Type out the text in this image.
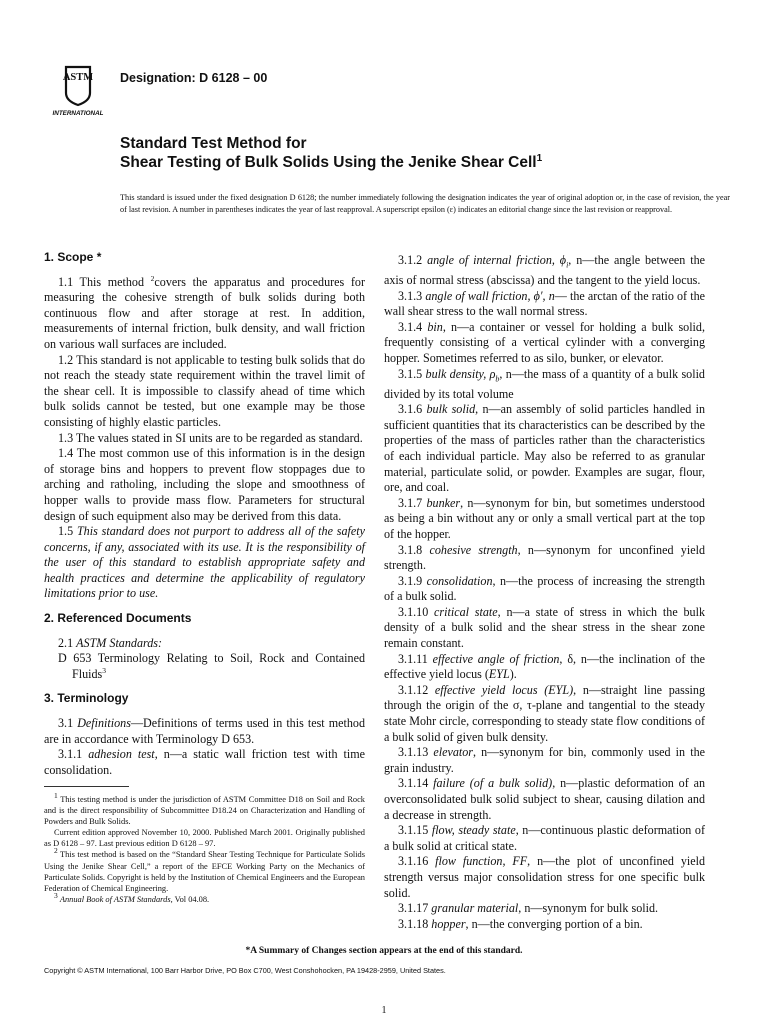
ASTM
INTERNATIONAL
Designation: D 6128 – 00
Standard Test Method for
Shear Testing of Bulk Solids Using the Jenike Shear Cell$^1$
This standard is issued under the fixed designation D 6128; the number immediately following the designation indicates the year of original adoption or, in the case of revision, the year of last revision. A number in parentheses indicates the year of last reapproval. A superscript epsilon (ε) indicates an editorial change since the last revision or reapproval.

1. Scope *

1.1 This method $^2$covers the apparatus and procedures for measuring the cohesive strength of bulk solids during both continuous flow and after storage at rest. In addition, measurements of internal friction, bulk density, and wall friction on various wall surfaces are included.

1.2 This standard is not applicable to testing bulk solids that do not reach the steady state requirement within the travel limit of the shear cell. It is impossible to classify ahead of time which bulk solids cannot be tested, but one example may be those consisting of highly elastic particles.

1.3 The values stated in SI units are to be regarded as standard.

1.4 The most common use of this information is in the design of storage bins and hoppers to prevent flow stoppages due to arching and ratholing, including the slope and smoothness of hopper walls to provide mass flow. Parameters for structural design of such equipment also may be derived from this data.

1.5 This standard does not purport to address all of the safety concerns, if any, associated with its use. It is the responsibility of the user of this standard to establish appropriate safety and health practices and determine the applicability of regulatory limitations prior to use.

2. Referenced Documents

2.1 ASTM Standards:

D 653 Terminology Relating to Soil, Rock and Contained Fluids$^3$

3. Terminology

3.1 Definitions—Definitions of terms used in this test method are in accordance with Terminology D 653.

3.1.1 adhesion test, n—a static wall friction test with time consolidation.

$^1$ This testing method is under the jurisdiction of ASTM Committee D18 on Soil and Rock and is the direct responsibility of Subcommittee D18.24 on Characterization and Handling of Powders and Bulk Solids.

Current edition approved November 10, 2000. Published March 2001. Originally published as D 6128 – 97. Last previous edition D 6128 – 97.

$^2$ This test method is based on the “Standard Shear Testing Technique for Particulate Solids Using the Jenike Shear Cell,” a report of the EFCE Working Party on the Mechanics of Particulate Solids. Copyright is held by the Institution of Chemical Engineers and the European Federation of Chemical Engineering.

$^3$ Annual Book of ASTM Standards, Vol 04.08.

3.1.2 angle of internal friction, $\phi_i$, n—the angle between the axis of normal stress (abscissa) and the tangent to the yield locus.

3.1.3 angle of wall friction, ϕ′, n— the arctan of the ratio of the wall shear stress to the wall normal stress.

3.1.4 bin, n—a container or vessel for holding a bulk solid, frequently consisting of a vertical cylinder with a converging hopper. Sometimes referred to as silo, bunker, or elevator.

3.1.5 bulk density, $\rho_b$, n—the mass of a quantity of a bulk solid divided by its total volume

3.1.6 bulk solid, n—an assembly of solid particles handled in sufficient quantities that its characteristics can be described by the properties of the mass of particles rather than the characteristics of each individual particle. May also be referred to as granular material, particulate solid, or powder. Examples are sugar, flour, ore, and coal.

3.1.7 bunker, n—synonym for bin, but sometimes understood as being a bin without any or only a small vertical part at the top of the hopper.

3.1.8 cohesive strength, n—synonym for unconfined yield strength.

3.1.9 consolidation, n—the process of increasing the strength of a bulk solid.

3.1.10 critical state, n—a state of stress in which the bulk density of a bulk solid and the shear stress in the shear zone remain constant.

3.1.11 effective angle of friction, δ, n—the inclination of the effective yield locus (EYL).

3.1.12 effective yield locus (EYL), n—straight line passing through the origin of the σ, τ-plane and tangential to the steady state Mohr circle, corresponding to steady state flow conditions of a bulk solid of given bulk density.

3.1.13 elevator, n—synonym for bin, commonly used in the grain industry.

3.1.14 failure (of a bulk solid), n—plastic deformation of an overconsolidated bulk solid subject to shear, causing dilation and a decrease in strength.

3.1.15 flow, steady state, n—continuous plastic deformation of a bulk solid at critical state.

3.1.16 flow function, FF, n—the plot of unconfined yield strength versus major consolidation stress for one specific bulk solid.

3.1.17 granular material, n—synonym for bulk solid.

3.1.18 hopper, n—the converging portion of a bin.

*A Summary of Changes section appears at the end of this standard.
Copyright © ASTM International, 100 Barr Harbor Drive, PO Box C700, West Conshohocken, PA 19428-2959, United States.
1
